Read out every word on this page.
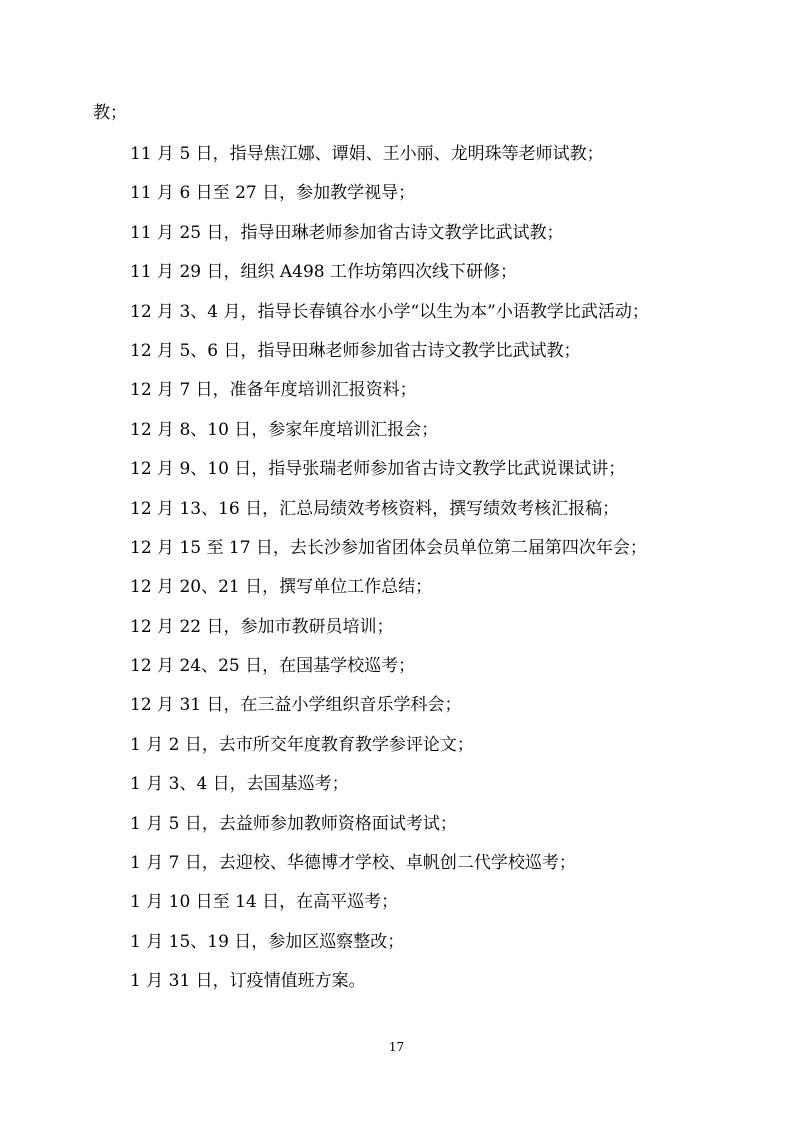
教；
11 月 5 日，指导焦江娜、谭娟、王小丽、龙明珠等老师试教；
11 月 6 日至 27 日，参加教学视导；
11 月 25 日，指导田琳老师参加省古诗文教学比武试教；
11 月 29 日，组织 A498 工作坊第四次线下研修；
12 月 3、4 月，指导长春镇谷水小学“以生为本”小语教学比武活动；
12 月 5、6 日，指导田琳老师参加省古诗文教学比武试教；
12 月 7 日，准备年度培训汇报资料；
12 月 8、10 日，参家年度培训汇报会；
12 月 9、10 日，指导张瑞老师参加省古诗文教学比武说课试讲；
12 月 13、16 日，汇总局绩效考核资料，撰写绩效考核汇报稿；
12 月 15 至 17 日，去长沙参加省团体会员单位第二届第四次年会；
12 月 20、21 日，撰写单位工作总结；
12 月 22 日，参加市教研员培训；
12 月 24、25 日，在国基学校巡考；
12 月 31 日，在三益小学组织音乐学科会；
1 月 2 日，去市所交年度教育教学参评论文；
1 月 3、4 日，去国基巡考；
1 月 5 日，去益师参加教师资格面试考试；
1 月 7 日，去迎校、华德博才学校、卓帆创二代学校巡考；
1 月 10 日至 14 日，在高平巡考；
1 月 15、19 日，参加区巡察整改；
1 月 31 日，订疫情值班方案。
17
